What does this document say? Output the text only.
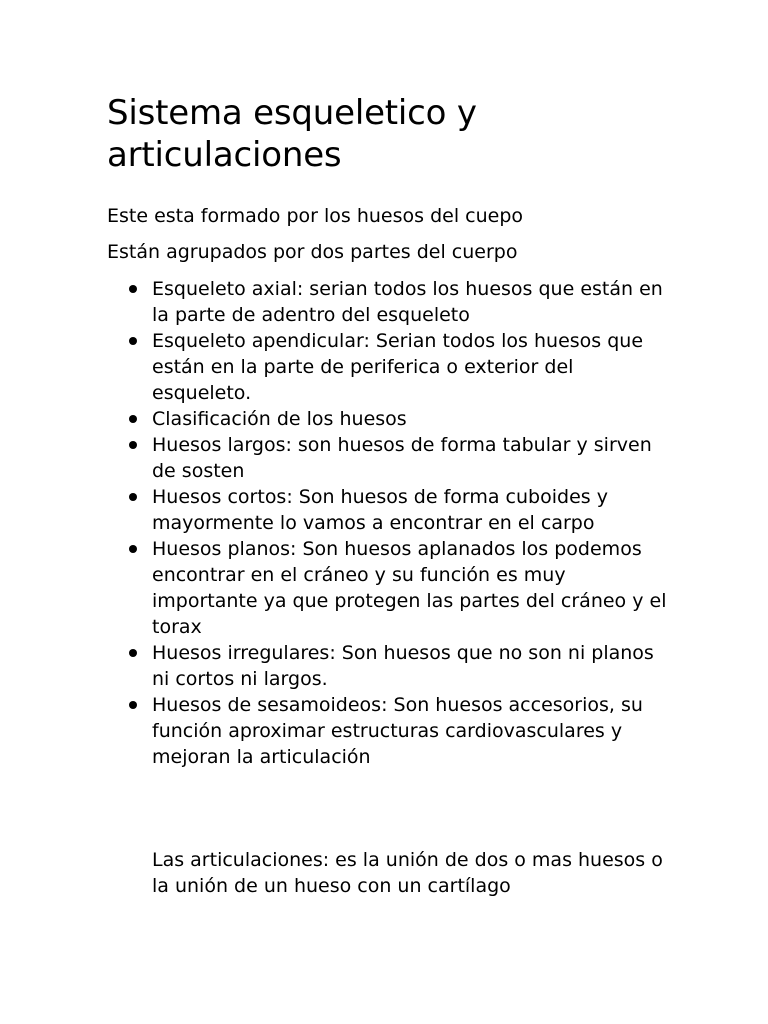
Sistema esqueletico y articulaciones

Este esta formado por los huesos del cuepo

Están agrupados por dos partes del cuerpo

Esqueleto axial: serian todos los huesos que están en la parte de adentro del esqueleto
Esqueleto apendicular: Serian todos los huesos que están en la parte de periferica o exterior del esqueleto.
Clasificación de los huesos
Huesos largos: son huesos de forma tabular y sirven de sosten
Huesos cortos: Son huesos de forma cuboides y mayormente lo vamos a encontrar en el carpo
Huesos planos: Son huesos aplanados los podemos encontrar en el cráneo y su función es muy importante ya que protegen las partes del cráneo y el torax
Huesos irregulares: Son huesos que no son ni planos ni cortos ni largos.
Huesos de sesamoideos: Son huesos accesorios, su función aproximar estructuras cardiovasculares y mejoran la articulación

Las articulaciones: es la unión de dos o mas huesos o la unión de un hueso con un cartílago
